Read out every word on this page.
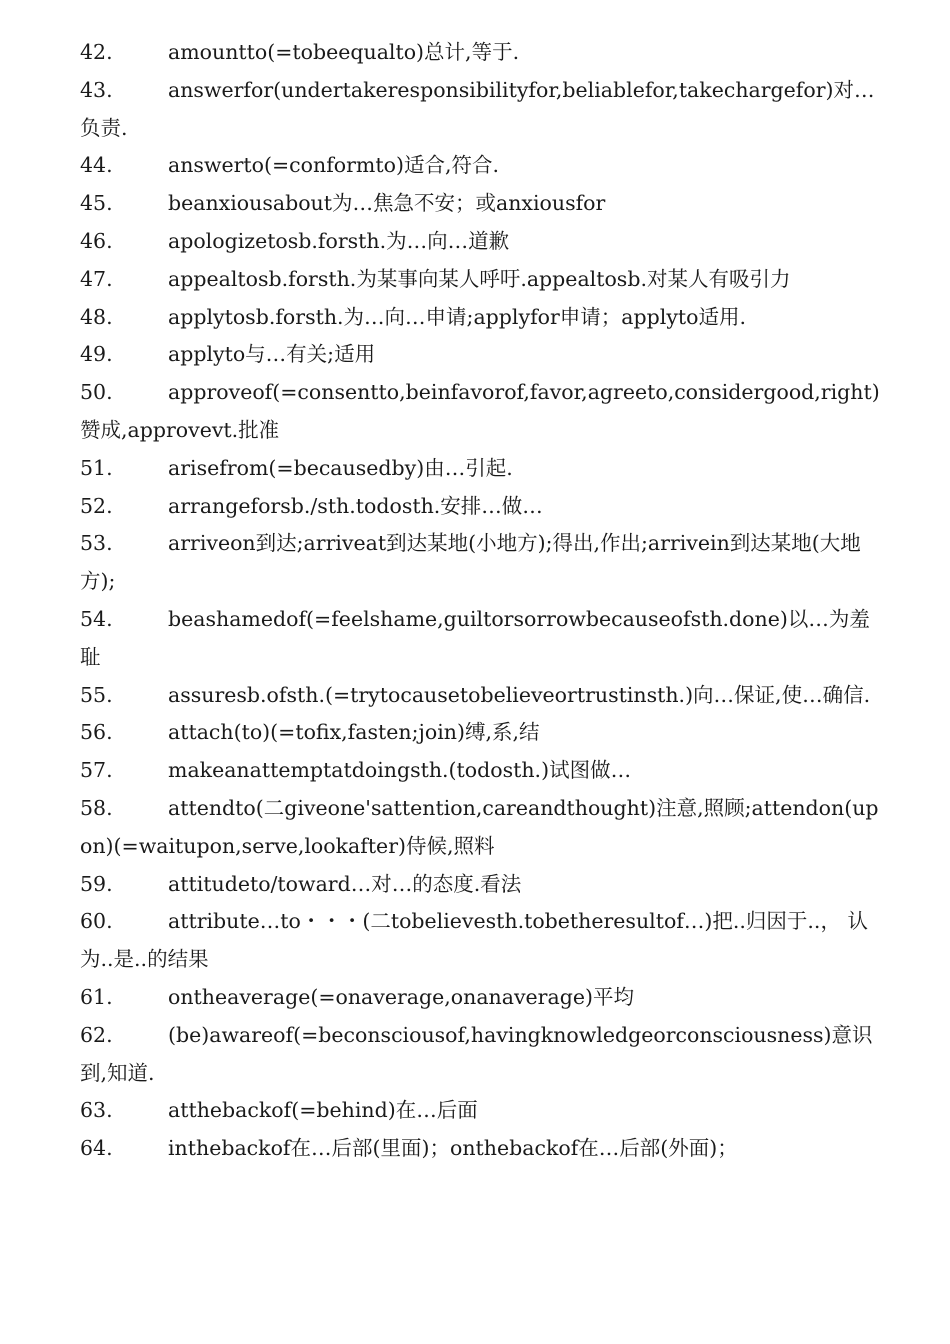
42.	amountto(=tobeequalto)总计,等于.

43.	answerfor(undertakeresponsibilityfor,beliablefor,takechargefor)对…负责.

44.	answerto(=conformto)适合,符合.

45.	beanxiousabout为…焦急不安；或anxiousfor

46.	apologizetosb.forsth.为…向…道歉

47.	appealtosb.forsth.为某事向某人呼吁.appealtosb.对某人有吸引力

48.	applytosb.forsth.为…向…申请;applyfor申请；applyto适用.

49.	applyto与…有关;适用

50.	approveof(=consentto,beinfavorof,favor,agreeto,considergood,right)赞成,approvevt.批准

51.	arisefrom(=becausedby)由…引起.

52.	arrangeforsb./sth.todosth.安排…做…

53.	arriveon到达;arriveat到达某地(小地方);得出,作出;arrivein到达某地(大地方);

54.	beashamedof(=feelshame,guiltorsorrowbecauseofsth.done)以…为羞耻

55.	assuresb.ofsth.(=trytocausetobelieveortrustinsth.)向…保证,使…确信.

56.	attach(to)(=tofix,fasten;join)缚,系,结

57.	makeanattemptatdoingsth.(todosth.)试图做…

58.	attendto(二giveone'sattention,careandthought)注意,照顾;attendon(upon)(=waitupon,serve,lookafter)侍候,照料

59.	attitudeto/toward…对…的态度.看法

60.	attribute…to・・・(二tobelievesth.tobetheresultof…)把..归因于..， 认为..是..的结果

61.	ontheaverage(=onaverage,onanaverage)平均

62.	(be)awareof(=beconsciousof,havingknowledgeorconsciousness)意识到,知道.

63.	atthebackof(=behind)在…后面

64.	inthebackof在…后部(里面)；onthebackof在…后部(外面)；
